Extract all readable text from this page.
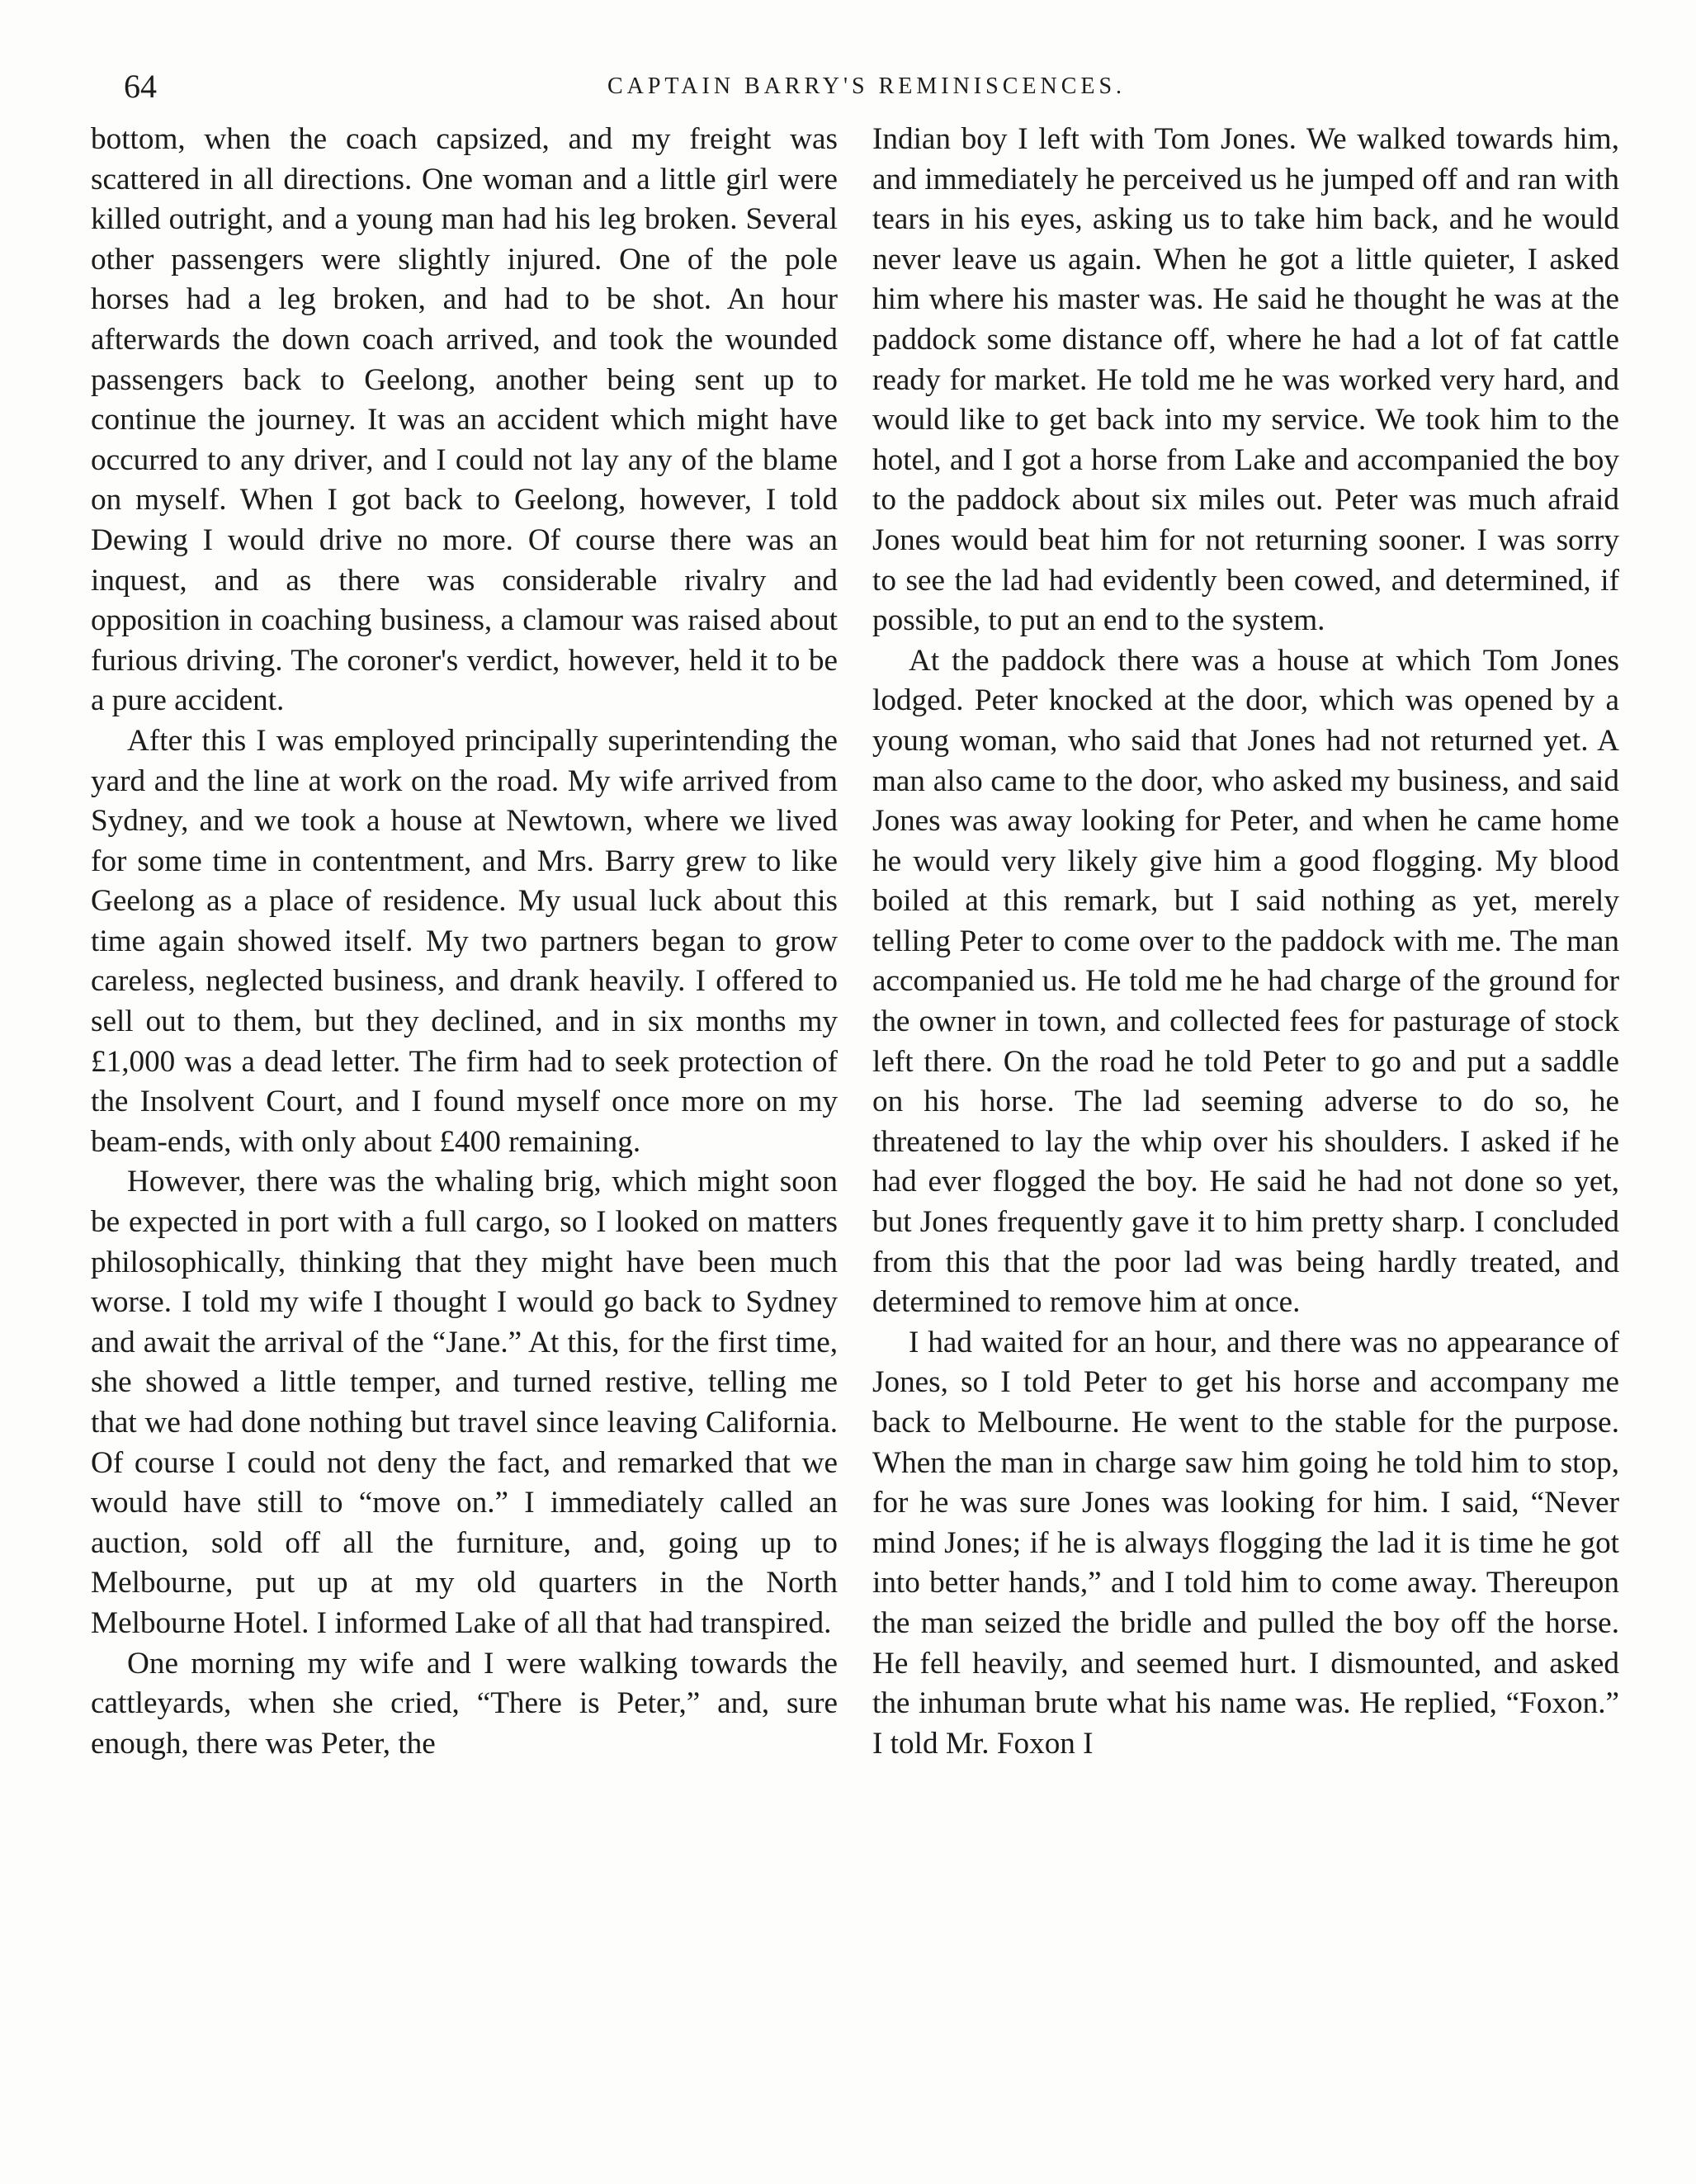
64	CAPTAIN BARRY'S REMINISCENCES.

bottom, when the coach capsized, and my freight was scattered in all directions. One woman and a little girl were killed outright, and a young man had his leg broken. Several other passengers were slightly injured. One of the pole horses had a leg broken, and had to be shot. An hour afterwards the down coach arrived, and took the wounded passengers back to Geelong, another being sent up to continue the journey. It was an accident which might have occurred to any driver, and I could not lay any of the blame on myself. When I got back to Geelong, however, I told Dewing I would drive no more. Of course there was an inquest, and as there was considerable rivalry and opposition in coaching business, a clamour was raised about furious driving. The coroner's verdict, however, held it to be a pure accident.

After this I was employed principally superintending the yard and the line at work on the road. My wife arrived from Sydney, and we took a house at Newtown, where we lived for some time in contentment, and Mrs. Barry grew to like Geelong as a place of residence. My usual luck about this time again showed itself. My two partners began to grow careless, neglected business, and drank heavily. I offered to sell out to them, but they declined, and in six months my £1,000 was a dead letter. The firm had to seek protection of the Insolvent Court, and I found myself once more on my beam-ends, with only about £400 remaining.

However, there was the whaling brig, which might soon be expected in port with a full cargo, so I looked on matters philosophically, thinking that they might have been much worse. I told my wife I thought I would go back to Sydney and await the arrival of the “Jane.” At this, for the first time, she showed a little temper, and turned restive, telling me that we had done nothing but travel since leaving California. Of course I could not deny the fact, and remarked that we would have still to “move on.” I immediately called an auction, sold off all the furniture, and, going up to Melbourne, put up at my old quarters in the North Melbourne Hotel. I informed Lake of all that had transpired.

One morning my wife and I were walking towards the cattleyards, when she cried, “There is Peter,” and, sure enough, there was Peter, the

Indian boy I left with Tom Jones. We walked towards him, and immediately he perceived us he jumped off and ran with tears in his eyes, asking us to take him back, and he would never leave us again. When he got a little quieter, I asked him where his master was. He said he thought he was at the paddock some distance off, where he had a lot of fat cattle ready for market. He told me he was worked very hard, and would like to get back into my service. We took him to the hotel, and I got a horse from Lake and accompanied the boy to the paddock about six miles out. Peter was much afraid Jones would beat him for not returning sooner. I was sorry to see the lad had evidently been cowed, and determined, if possible, to put an end to the system.

At the paddock there was a house at which Tom Jones lodged. Peter knocked at the door, which was opened by a young woman, who said that Jones had not returned yet. A man also came to the door, who asked my business, and said Jones was away looking for Peter, and when he came home he would very likely give him a good flogging. My blood boiled at this remark, but I said nothing as yet, merely telling Peter to come over to the paddock with me. The man accompanied us. He told me he had charge of the ground for the owner in town, and collected fees for pasturage of stock left there. On the road he told Peter to go and put a saddle on his horse. The lad seeming adverse to do so, he threatened to lay the whip over his shoulders. I asked if he had ever flogged the boy. He said he had not done so yet, but Jones frequently gave it to him pretty sharp. I concluded from this that the poor lad was being hardly treated, and determined to remove him at once.

I had waited for an hour, and there was no appearance of Jones, so I told Peter to get his horse and accompany me back to Melbourne. He went to the stable for the purpose. When the man in charge saw him going he told him to stop, for he was sure Jones was looking for him. I said, “Never mind Jones; if he is always flogging the lad it is time he got into better hands,” and I told him to come away. Thereupon the man seized the bridle and pulled the boy off the horse. He fell heavily, and seemed hurt. I dismounted, and asked the inhuman brute what his name was. He replied, “Foxon.” I told Mr. Foxon I
